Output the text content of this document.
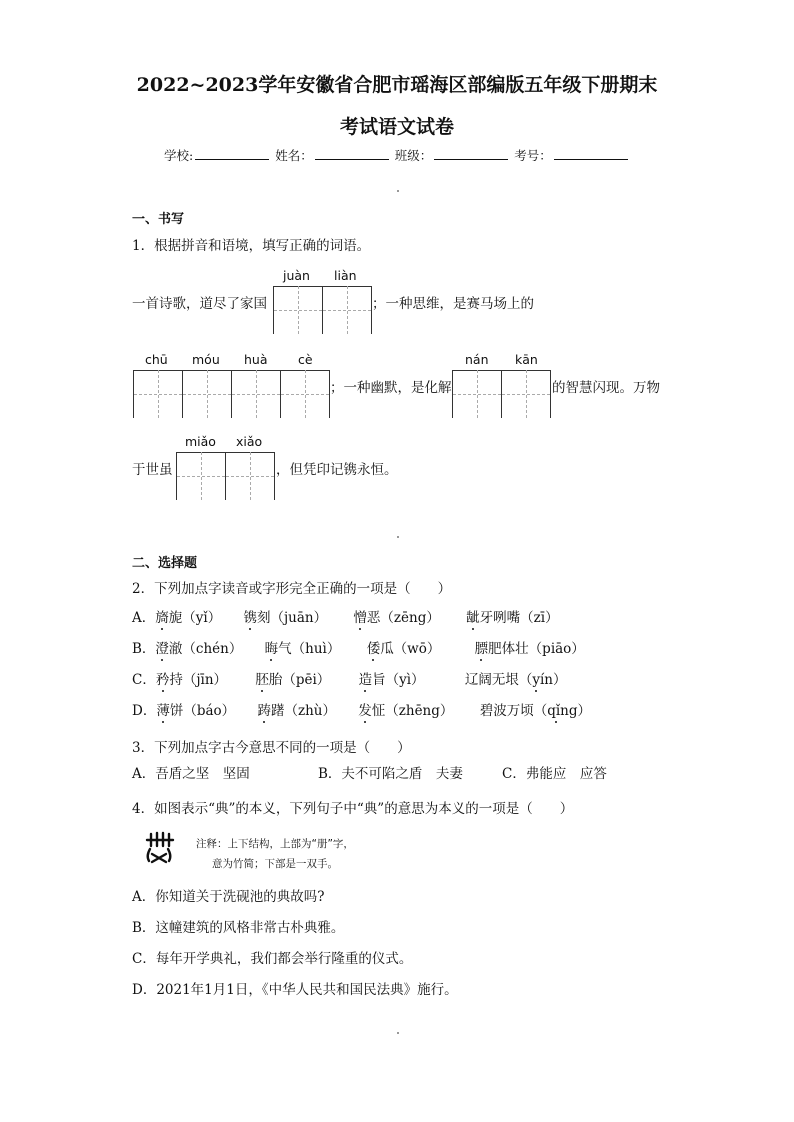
2022~2023学年安徽省合肥市瑶海区部编版五年级下册期末
考试语文试卷
学校:	姓名：	班级：	考号：
一、书写
1．根据拼音和语境，填写正确的词语。
juàn liàn
一首诗歌，道尽了家国	；一种思维，是赛马场上的
chū móu huà cè
；一种幽默，是化解
nán kān
的智慧闪现。万物
miǎo xiǎo
于世虽	，但凭印记镌永恒。
二、选择题
2．下列加点字读音或字形完全正确的一项是（　　）
A．旖旎（yǐ） 镌刻（juān） 憎恶（zēng） 龇牙咧嘴（zī）
B．澄澈（chén） 晦气（huì） 倭瓜（wō）	膘肥体壮（piāo）
C．矜持（jīn） 胚胎（pēi） 造旨（yì）	辽阔无垠（yín）
D．薄饼（báo） 踌躇（zhù） 发怔（zhēng） 碧波万顷（qǐng）
3．下列加点字古今意思不同的一项是（　　）
A．吾盾之坚　坚固	B．夫不可陷之盾　夫妻	C．弗能应　应答
4．如图表示“典”的本义，下列句子中“典”的意思为本义的一项是（　　）
注释：上下结构，上部为“册”字，
意为竹简；下部是一双手。
A．你知道关于洗砚池的典故吗?
B．这幢建筑的风格非常古朴典雅。
C．每年开学典礼，我们都会举行隆重的仪式。
D．2021年1月1日，《中华人民共和国民法典》施行。
